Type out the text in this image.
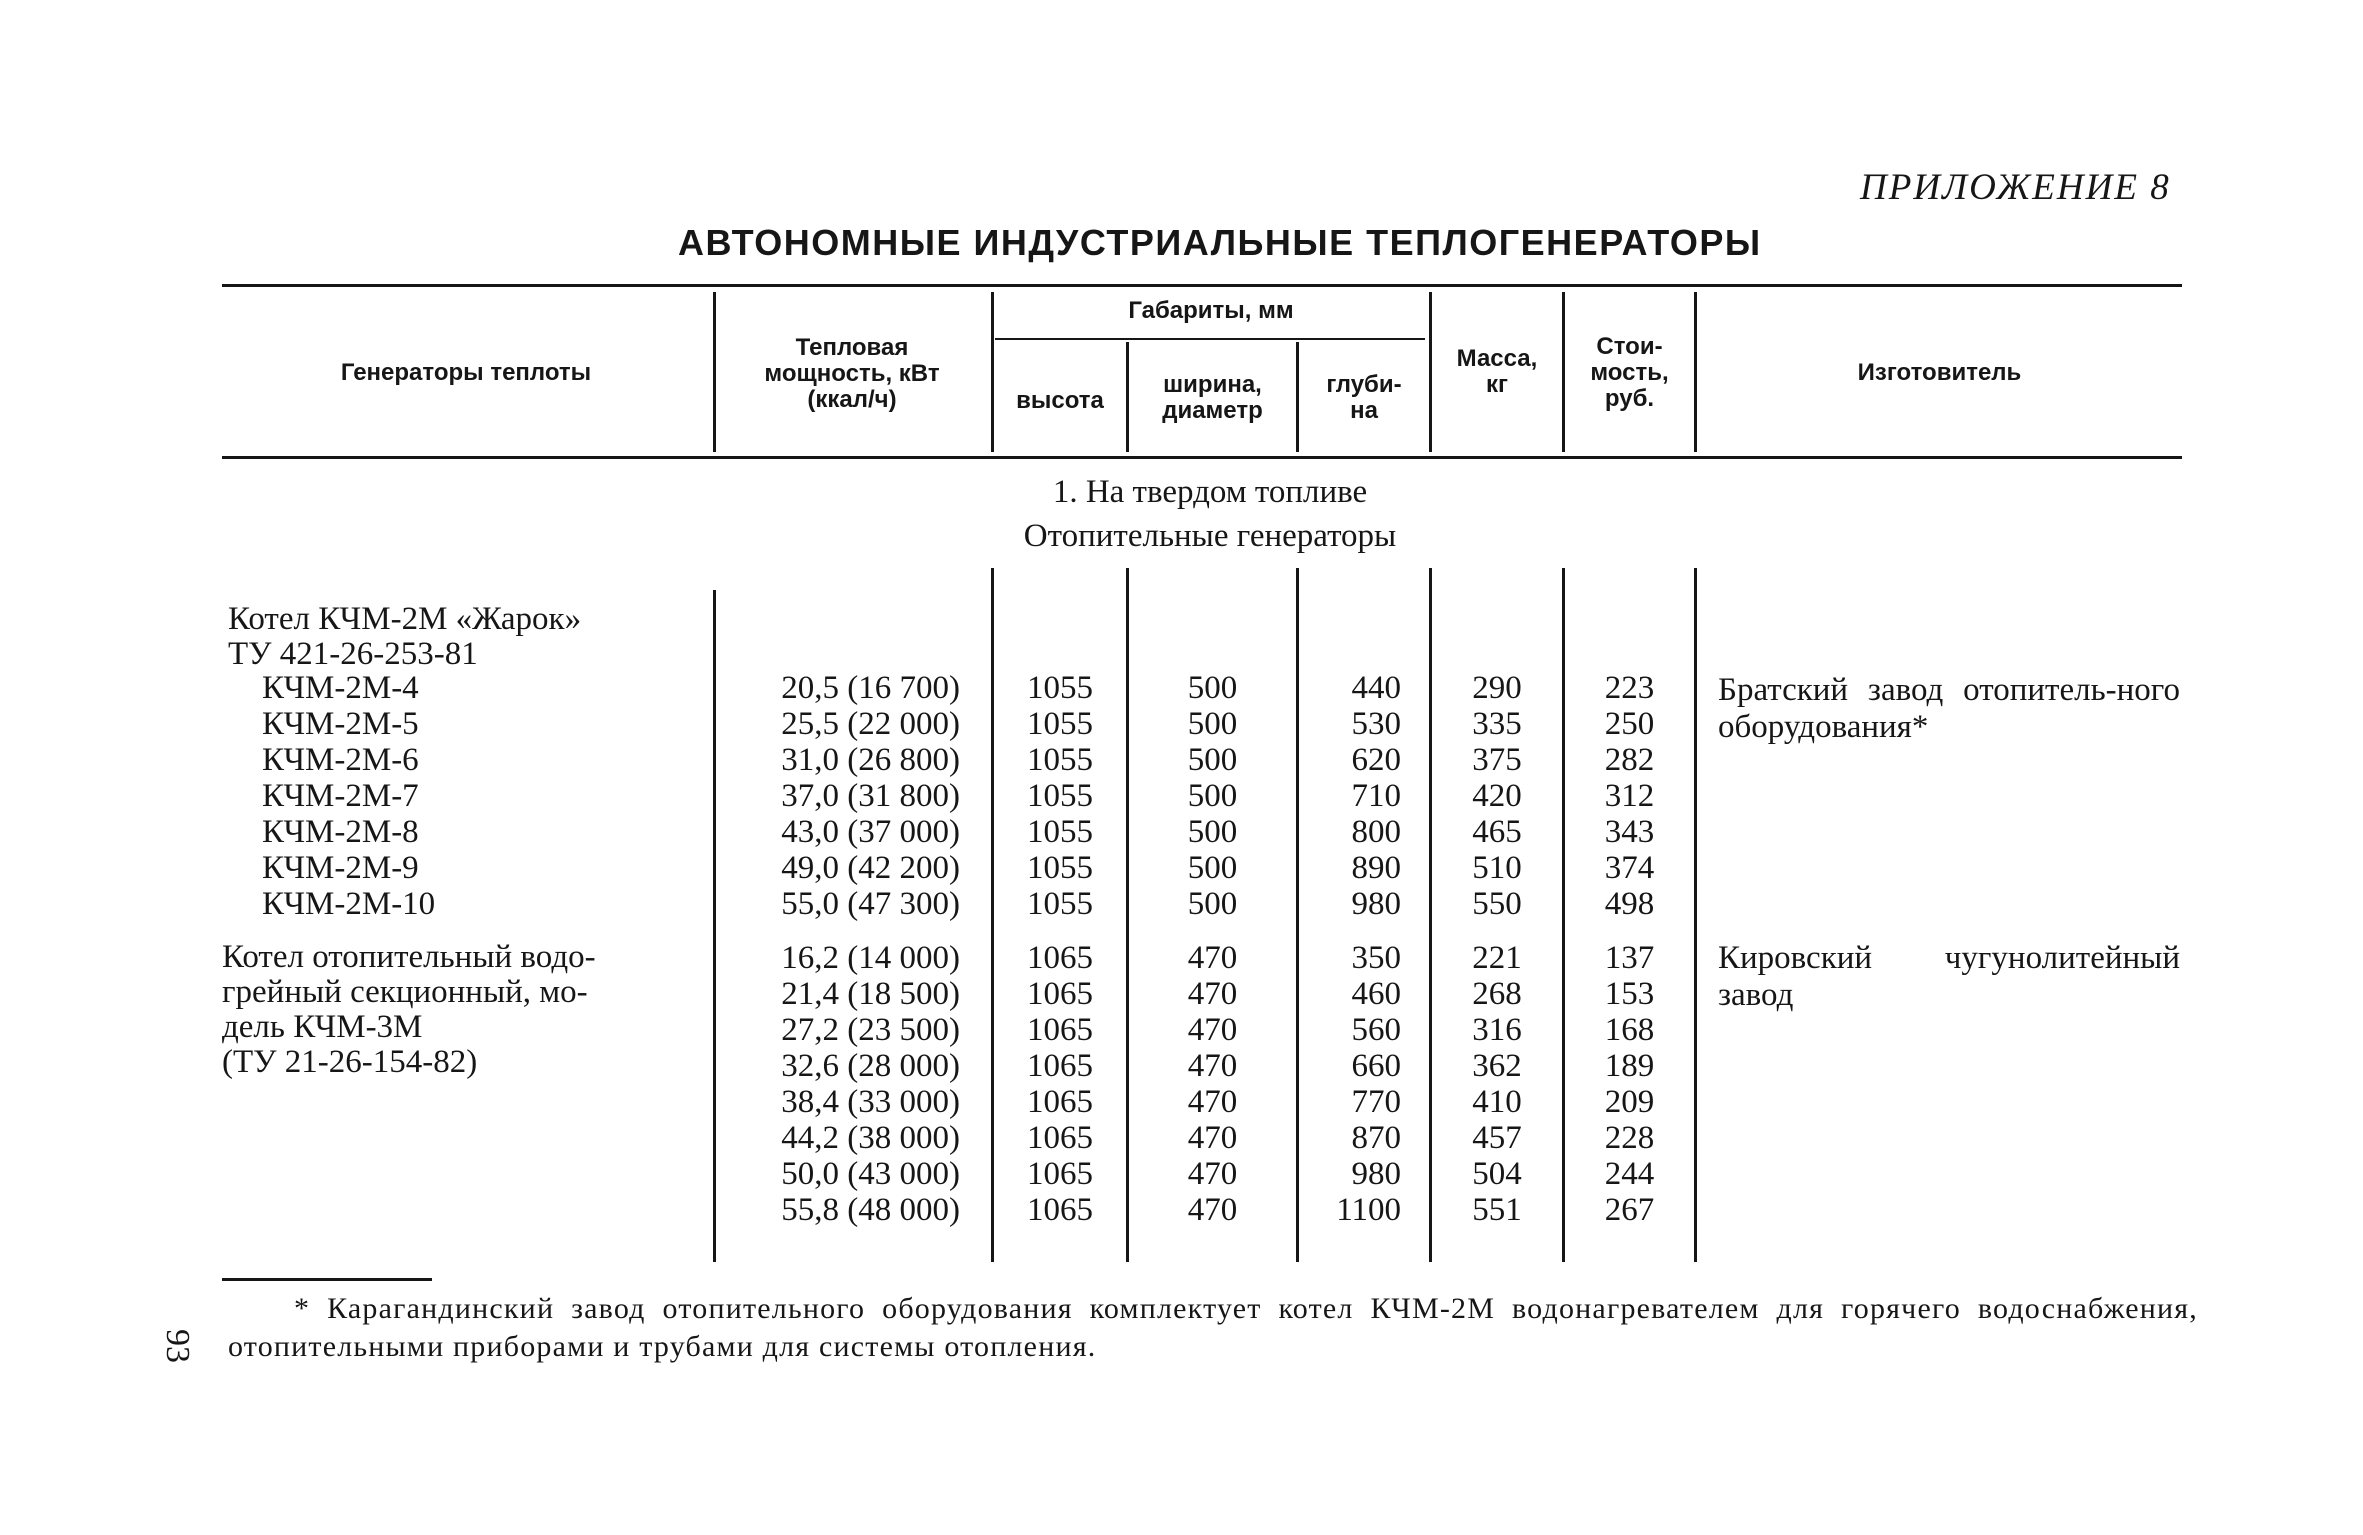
ПРИЛОЖЕНИЕ 8
АВТОНОМНЫЕ ИНДУСТРИАЛЬНЫЕ ТЕПЛОГЕНЕРАТОРЫ
Генераторы теплоты
Тепловая
мощность, кВт
(ккал/ч)
Габариты, мм
высота
ширина,
диаметр
глуби-
на
Масса,
кг
Стои-
мость,
руб.
Изготовитель
1. На твердом топливе
Отопительные генераторы
Котел КЧМ-2М «Жарок»
ТУ 421-26-253-81
КЧМ-2М-4
КЧМ-2М-5
КЧМ-2М-6
КЧМ-2М-7
КЧМ-2М-8
КЧМ-2М-9
КЧМ-2М-10
20,5 (16 700)
25,5 (22 000)
31,0 (26 800)
37,0 (31 800)
43,0 (37 000)
49,0 (42 200)
55,0 (47 300)
1055
1055
1055
1055
1055
1055
1055
500
500
500
500
500
500
500
440
530
620
710
800
890
980
290
335
375
420
465
510
550
223
250
282
312
343
374
498
Братский завод отопитель-ного оборудования*
Котел отопительный водо-
грейный секционный, мо-
дель КЧМ-3М
(ТУ 21-26-154-82)
16,2 (14 000)
21,4 (18 500)
27,2 (23 500)
32,6 (28 000)
38,4 (33 000)
44,2 (38 000)
50,0 (43 000)
55,8 (48 000)
1065
1065
1065
1065
1065
1065
1065
1065
470
470
470
470
470
470
470
470
350
460
560
660
770
870
980
1100
221
268
316
362
410
457
504
551
137
153
168
189
209
228
244
267
Кировский чугунолитейный завод
* Карагандинский завод отопительного оборудования комплектует котел КЧМ-2М водонагревателем для горячего водоснабжения, отопительными приборами и трубами для системы отопления.
93
